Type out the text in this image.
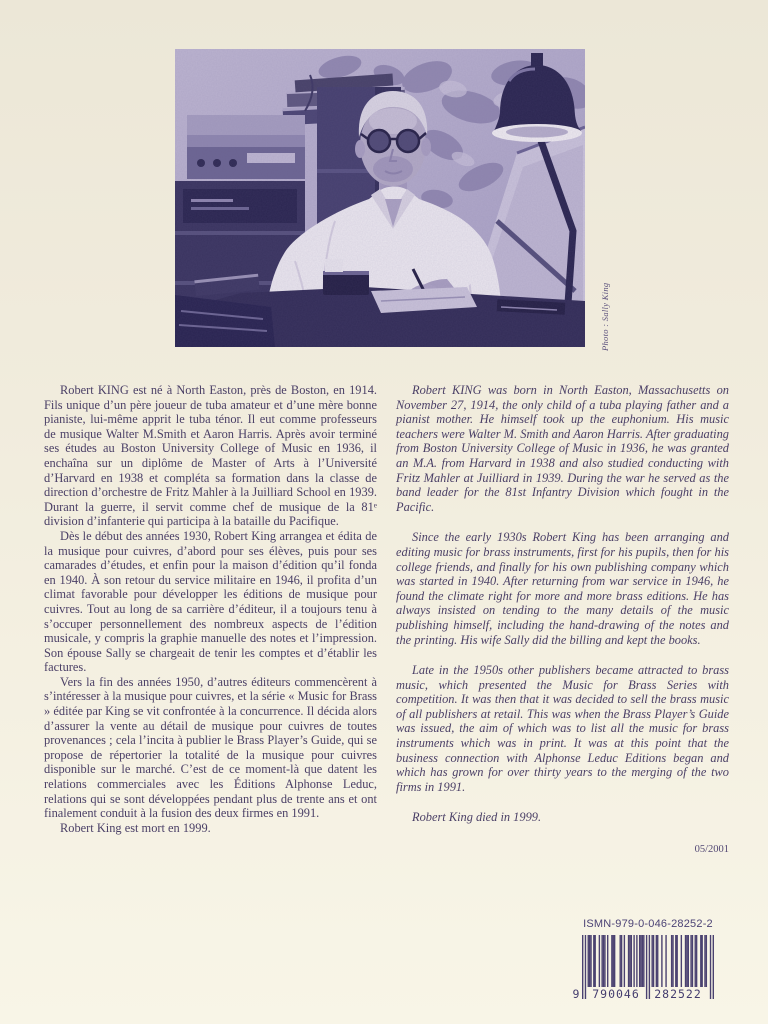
Photo : Sally King

Robert KING est né à North Easton, près de Boston, en 1914. Fils unique d’un père joueur de tuba amateur et d’une mère bonne pianiste, lui-même apprit le tuba ténor. Il eut comme professeurs de musique Walter M.Smith et Aaron Harris. Après avoir terminé ses études au Boston University College of Music en 1936, il enchaîna sur un diplôme de Master of Arts à l’Université d’Harvard en 1938 et compléta sa formation dans la classe de direction d’orchestre de Fritz Mahler à la Juilliard School en 1939. Durant la guerre, il servit comme chef de musique de la 81ᵉ division d’infanterie qui participa à la bataille du Pacifique.

Dès le début des années 1930, Robert King arrangea et édita de la musique pour cuivres, d’abord pour ses élèves, puis pour ses camarades d’études, et enfin pour la maison d’édition qu’il fonda en 1940. À son retour du service militaire en 1946, il profita d’un climat favorable pour développer les éditions de musique pour cuivres. Tout au long de sa carrière d’éditeur, il a toujours tenu à s’occuper personnellement des nombreux aspects de l’édition musicale, y compris la graphie manuelle des notes et l’impression. Son épouse Sally se chargeait de tenir les comptes et d’établir les factures.

Vers la fin des années 1950, d’autres éditeurs commencèrent à s’intéresser à la musique pour cuivres, et la série « Music for Brass » éditée par King se vit confrontée à la concurrence. Il décida alors d’assurer la vente au détail de musique pour cuivres de toutes provenances ; cela l’incita à publier le Brass Player’s Guide, qui se propose de répertorier la totalité de la musique pour cuivres disponible sur le marché. C’est de ce moment-là que datent les relations commerciales avec les Éditions Alphonse Leduc, relations qui se sont développées pendant plus de trente ans et ont finalement conduit à la fusion des deux firmes en 1991.

Robert King est mort en 1999.

Robert KING was born in North Easton, Massachusetts on November 27, 1914, the only child of a tuba playing father and a pianist mother. He himself took up the euphonium. His music teachers were Walter M. Smith and Aaron Harris. After graduating from Boston University College of Music in 1936, he was granted an M.A. from Harvard in 1938 and also studied conducting with Fritz Mahler at Juilliard in 1939. During the war he served as the band leader for the 81st Infantry Division which fought in the Pacific.

Since the early 1930s Robert King has been arranging and editing music for brass instruments, first for his pupils, then for his college friends, and finally for his own publishing company which was started in 1940. After returning from war service in 1946, he found the climate right for more and more brass editions. He has always insisted on tending to the many details of the music publishing himself, including the hand-drawing of the notes and the printing. His wife Sally did the billing and kept the books.

Late in the 1950s other publishers became attracted to brass music, which presented the Music for Brass Series with competition. It was then that it was decided to sell the brass music of all publishers at retail. This was when the Brass Player’s Guide was issued, the aim of which was to list all the music for brass instruments which was in print. It was at this point that the business connection with Alphonse Leduc Editions began and which has grown for over thirty years to the merging of the two firms in 1991.

Robert King died in 1999.

05/2001
ISMN-979-0-046-28252-2
9 790046 282522
